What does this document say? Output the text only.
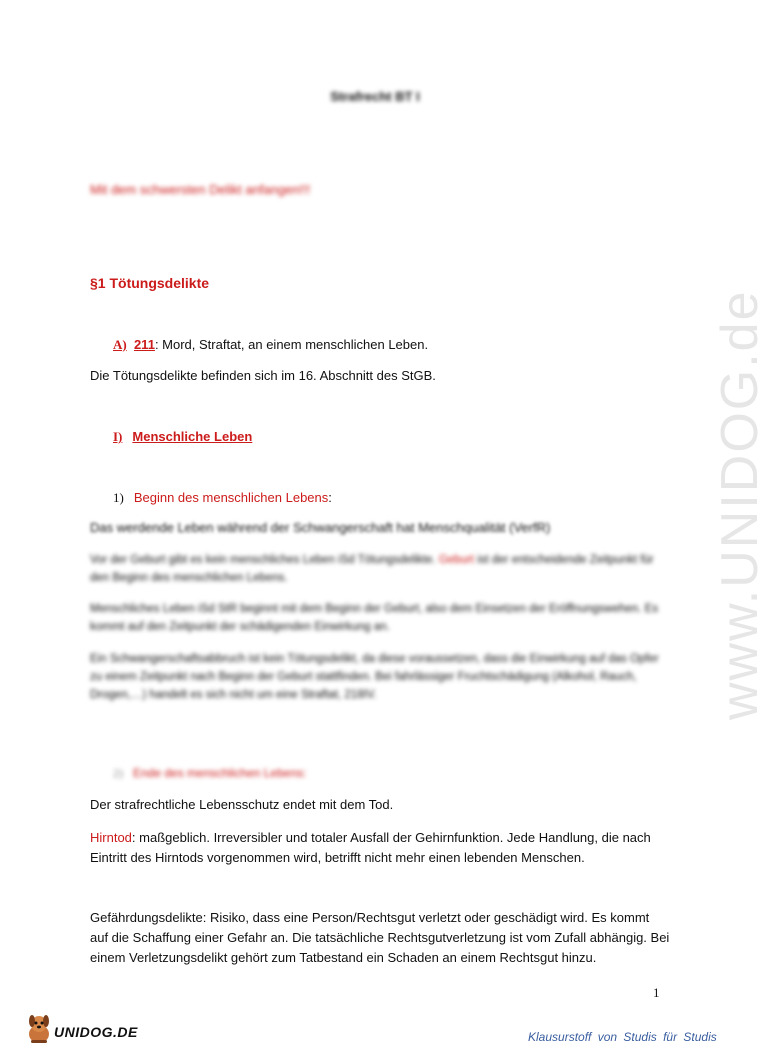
Strafrecht BT I
Mit dem schwersten Delikt anfangen!!!
§1 Tötungsdelikte
A) 211: Mord, Straftat, an einem menschlichen Leben.
Die Tötungsdelikte befinden sich im 16. Abschnitt des StGB.
I) Menschliche Leben
1) Beginn des menschlichen Lebens:
Das werdende Leben während der Schwangerschaft hat Menschqualität (VerfR)
Vor der Geburt gibt es kein menschliches Leben iSd Tötungsdelikte. Geburt ist der entscheidende Zeitpunkt für den Beginn des menschlichen Lebens.
Menschliches Leben iSd StR beginnt mit dem Beginn der Geburt, also dem Einsetzen der Eröffnungswehen. Es kommt auf den Zeitpunkt der schädigenden Einwirkung an.
Ein Schwangerschaftsabbruch ist kein Tötungsdelikt, da diese voraussetzen, dass die Einwirkung auf das Opfer zu einem Zeitpunkt nach Beginn der Geburt stattfinden. Bei fahrlässiger Fruchtschädigung (Alkohol, Rauch, Drogen,…) handelt es sich nicht um eine Straftat, 218IV.
2) Ende des menschlichen Lebens:
Der strafrechtliche Lebensschutz endet mit dem Tod.
Hirntod: maßgeblich. Irreversibler und totaler Ausfall der Gehirnfunktion. Jede Handlung, die nach Eintritt des Hirntods vorgenommen wird, betrifft nicht mehr einen lebenden Menschen.
Gefährdungsdelikte: Risiko, dass eine Person/Rechtsgut verletzt oder geschädigt wird. Es kommt auf die Schaffung einer Gefahr an. Die tatsächliche Rechtsgutverletzung ist vom Zufall abhängig. Bei einem Verletzungsdelikt gehört zum Tatbestand ein Schaden an einem Rechtsgut hinzu.
1
www.UNIDOG.de
UNIDOG.DE	Klausurstoff von Studis für Studis
